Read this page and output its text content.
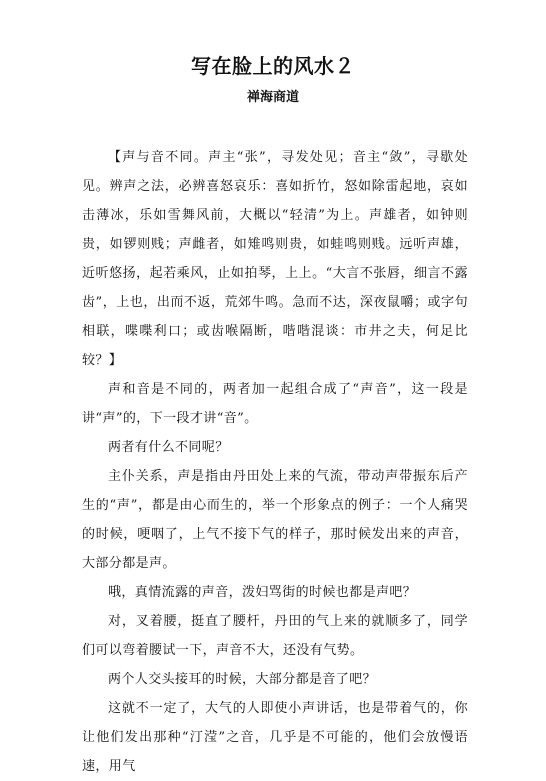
写在脸上的风水２
禅海商道

【声与音不同。声主“张”，寻发处见；音主“敛”，寻歇处见。辨声之法，必辨喜怒哀乐：喜如折竹，怒如除雷起地，哀如击薄冰，乐如雪舞风前，大概以“轻清”为上。声雄者，如钟则贵，如锣则贱；声雌者，如雉鸣则贵，如蛙鸣则贱。远听声雄，近听悠扬，起若乘风，止如拍琴，上上。“大言不张唇，细言不露齿”，上也，出而不返，荒郊牛鸣。急而不达，深夜鼠嚼；或字句相联，喋喋利口；或齿喉隔断，喈喈混谈：市井之夫，何足比较？】

声和音是不同的，两者加一起组合成了“声音”，这一段是讲“声”的，下一段才讲“音”。

两者有什么不同呢？

主仆关系，声是指由丹田处上来的气流，带动声带振东后产生的“声”，都是由心而生的，举一个形象点的例子：一个人痛哭的时候，哽咽了，上气不接下气的样子，那时候发出来的声音，大部分都是声。

哦，真情流露的声音，泼妇骂街的时候也都是声吧？

对，叉着腰，挺直了腰杆，丹田的气上来的就顺多了，同学们可以弯着腰试一下，声音不大，还没有气势。

两个人交头接耳的时候，大部分都是音了吧？

这就不一定了，大气的人即使小声讲话，也是带着气的，你让他们发出那种“汀滢”之音，几乎是不可能的，他们会放慢语速，用气
